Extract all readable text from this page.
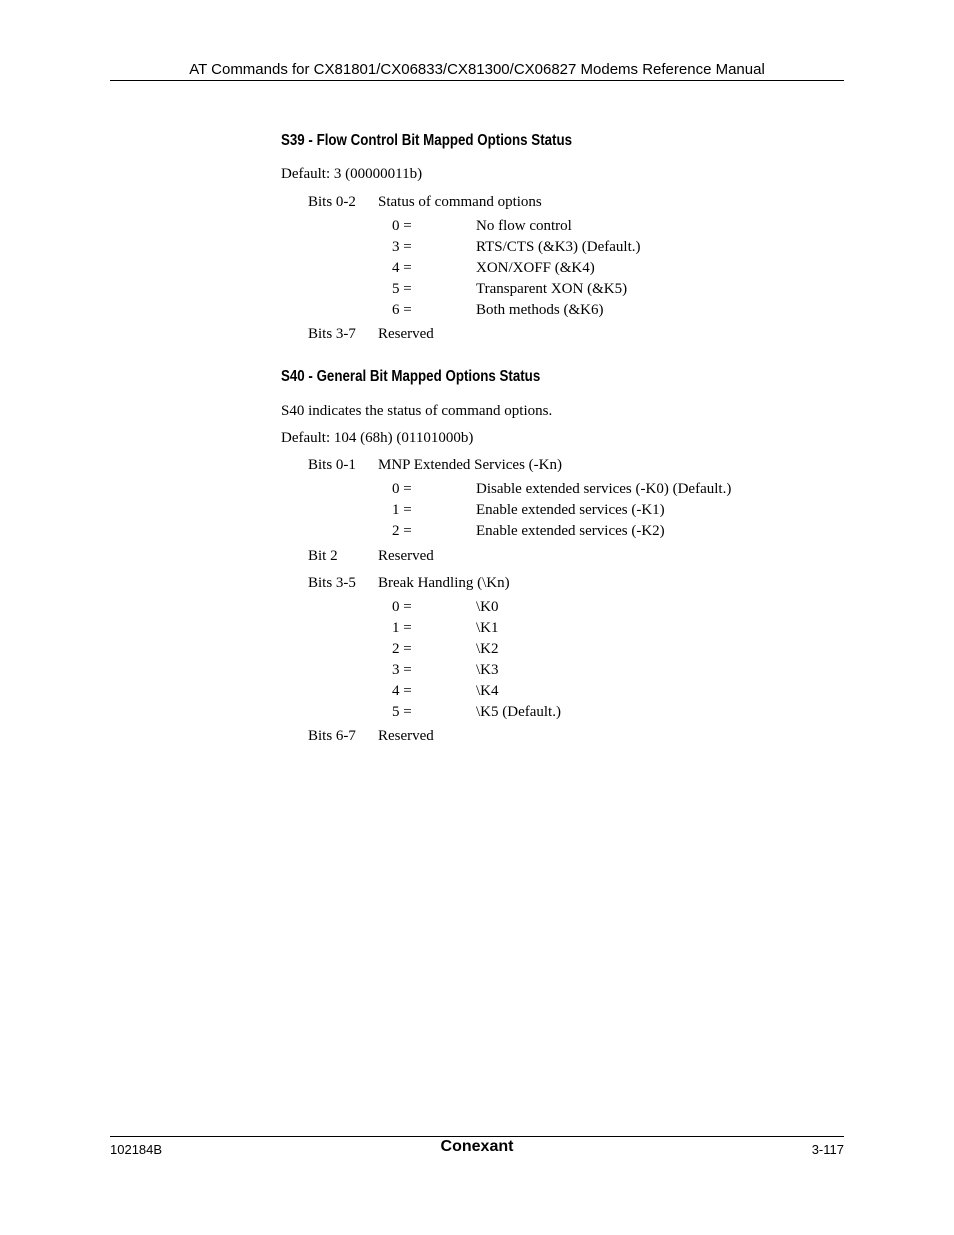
AT Commands for CX81801/CX06833/CX81300/CX06827 Modems Reference Manual
S39 - Flow Control Bit Mapped Options Status
Default: 3 (00000011b)
Bits 0-2 Status of command options
0 =	No flow control
3 =	RTS/CTS (&K3) (Default.)
4 =	XON/XOFF (&K4)
5 =	Transparent XON (&K5)
6 =	Both methods (&K6)
Bits 3-7 Reserved
S40 - General Bit Mapped Options Status
S40 indicates the status of command options.
Default: 104 (68h) (01101000b)
Bits 0-1 MNP Extended Services (-Kn)
0 =	Disable extended services (-K0) (Default.)
1 =	Enable extended services (-K1)
2 =	Enable extended services (-K2)
Bit 2	Reserved
Bits 3-5 Break Handling (\Kn)
0 =	\K0
1 =	\K1
2 =	\K2
3 =	\K3
4 =	\K4
5 =	\K5 (Default.)
Bits 6-7 Reserved
102184B	Conexant	3-117
